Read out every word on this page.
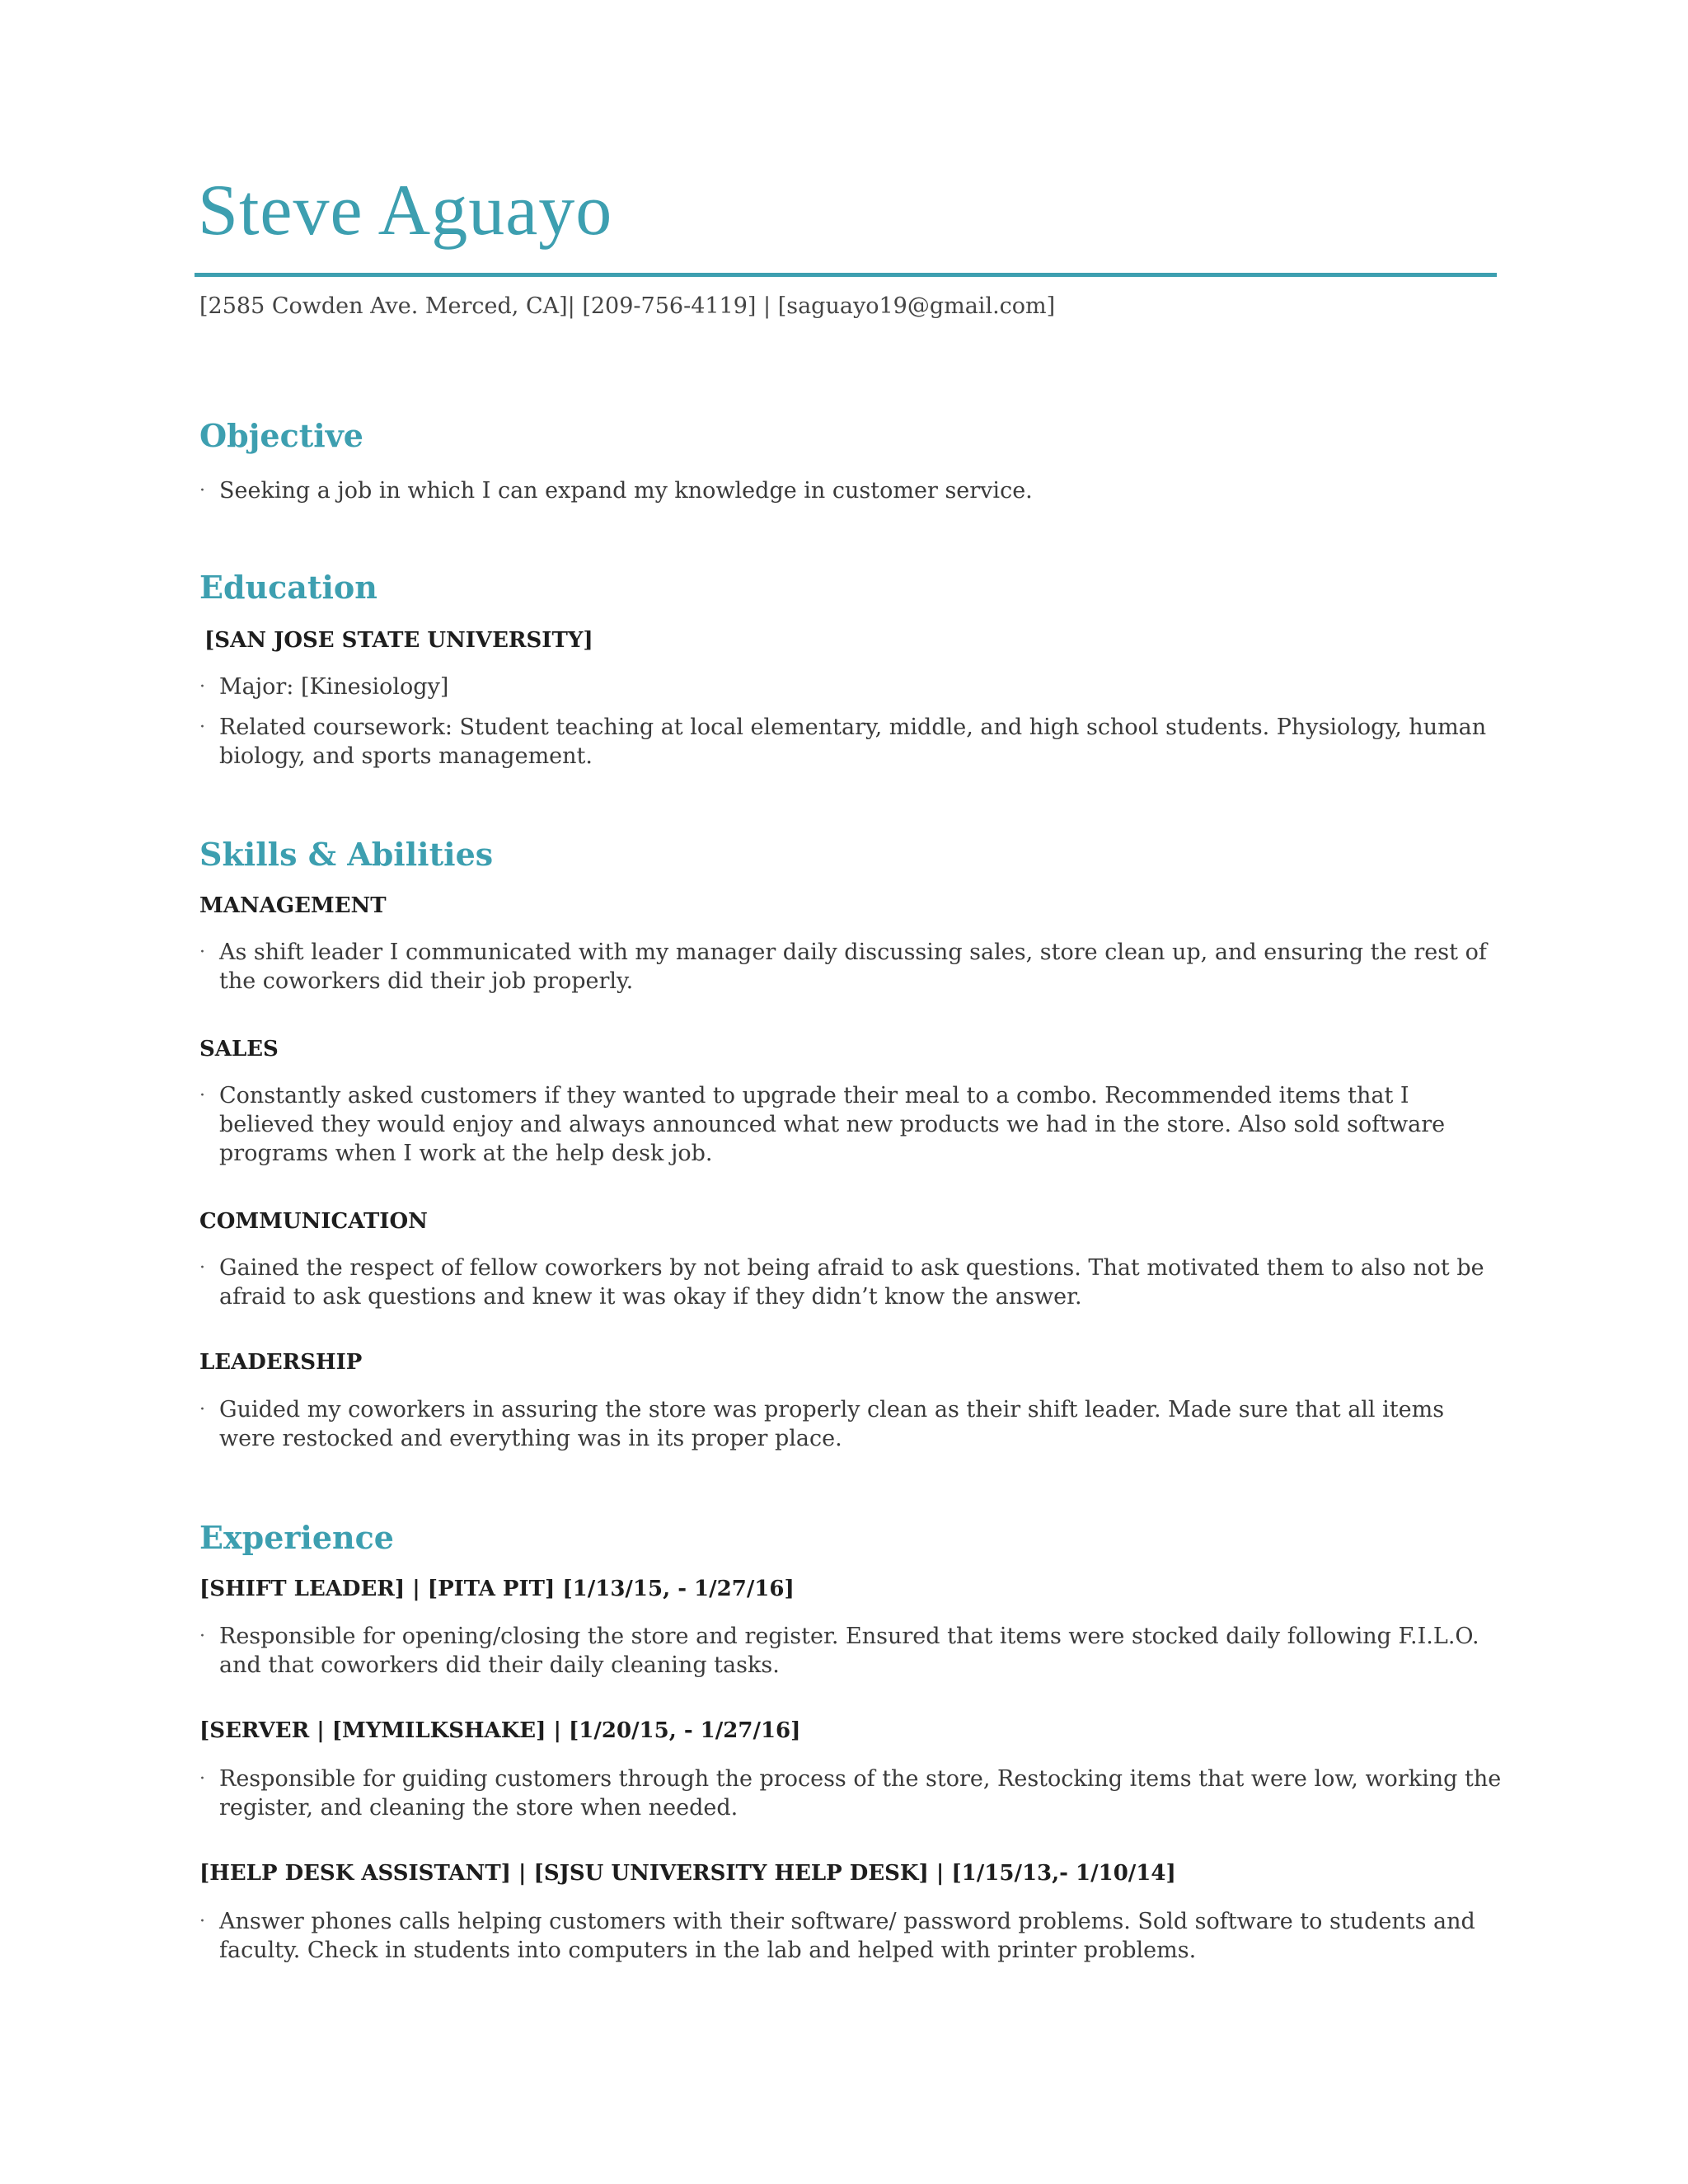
Steve Aguayo
[2585 Cowden Ave. Merced, CA]| [209-756-4119] | [saguayo19@gmail.com]
Objective
· Seeking a job in which I can expand my knowledge in customer service.
Education
[SAN JOSE STATE UNIVERSITY]
· Major: [Kinesiology]
· Related coursework: Student teaching at local elementary, middle, and high school students. Physiology, human biology, and sports management.
Skills & Abilities
MANAGEMENT
· As shift leader I communicated with my manager daily discussing sales, store clean up, and ensuring the rest of the coworkers did their job properly.
SALES
· Constantly asked customers if they wanted to upgrade their meal to a combo. Recommended items that I believed they would enjoy and always announced what new products we had in the store. Also sold software programs when I work at the help desk job.
COMMUNICATION
· Gained the respect of fellow coworkers by not being afraid to ask questions. That motivated them to also not be afraid to ask questions and knew it was okay if they didn’t know the answer.
LEADERSHIP
· Guided my coworkers in assuring the store was properly clean as their shift leader. Made sure that all items were restocked and everything was in its proper place.
Experience
[SHIFT LEADER] | [PITA PIT] [1/13/15, - 1/27/16]
· Responsible for opening/closing the store and register. Ensured that items were stocked daily following F.I.L.O. and that coworkers did their daily cleaning tasks.
[SERVER | [MYMILKSHAKE] | [1/20/15, - 1/27/16]
· Responsible for guiding customers through the process of the store, Restocking items that were low, working the register, and cleaning the store when needed.
[HELP DESK ASSISTANT] | [SJSU UNIVERSITY HELP DESK] | [1/15/13,- 1/10/14]
· Answer phones calls helping customers with their software/ password problems. Sold software to students and faculty. Check in students into computers in the lab and helped with printer problems.
